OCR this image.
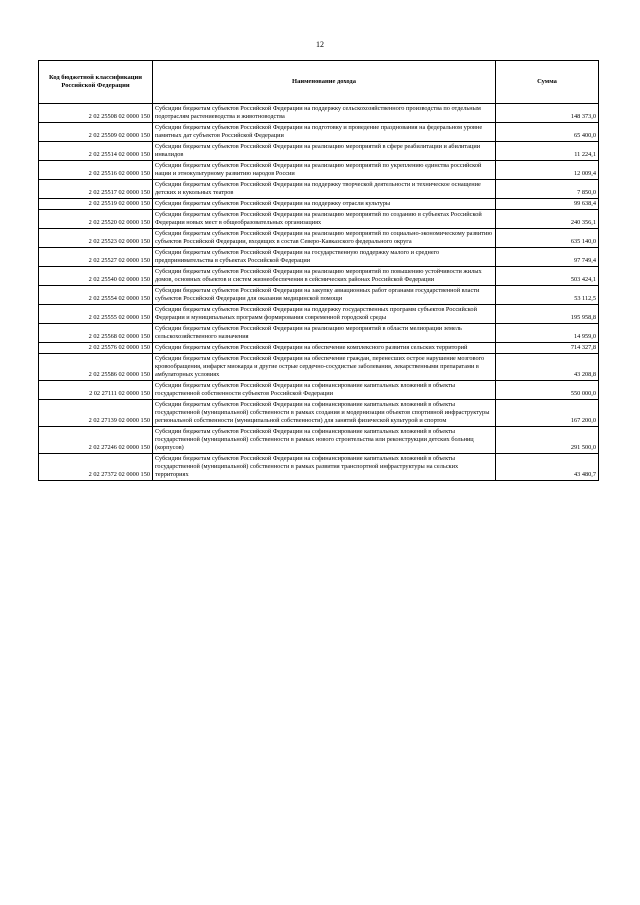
12
Код бюджетной классификации Российской Федерации	Наименование дохода	Сумма
2 02 25508 02 0000 150	Субсидии бюджетам субъектов Российской Федерации на поддержку сельскохозяйственного производства по отдельным подотраслям растениеводства и животноводства	148 373,0
2 02 25509 02 0000 150	Субсидии бюджетам субъектов Российской Федерации на подготовку и проведение празднования на федеральном уровне памятных дат субъектов Российской Федерации	65 400,0
2 02 25514 02 0000 150	Субсидии бюджетам субъектов Российской Федерации на реализацию мероприятий в сфере реабилитации и абилитации инвалидов	11 224,1
2 02 25516 02 0000 150	Субсидии бюджетам субъектов Российской Федерации на реализацию мероприятий по укреплению единства российской нации и этнокультурному развитию народов России	12 009,4
2 02 25517 02 0000 150	Субсидии бюджетам субъектов Российской Федерации на поддержку творческой деятельности и техническое оснащение детских и кукольных театров	7 850,0
2 02 25519 02 0000 150	Субсидии бюджетам субъектов Российской Федерации на поддержку отрасли культуры	99 638,4
2 02 25520 02 0000 150	Субсидии бюджетам субъектов Российской Федерации на реализацию мероприятий по созданию в субъектах Российской Федерации новых мест в общеобразовательных организациях	240 356,1
2 02 25523 02 0000 150	Субсидии бюджетам субъектов Российской Федерации на реализацию мероприятий по социально-экономическому развитию субъектов Российской Федерации, входящих в состав Северо-Кавказского федерального округа	635 140,0
2 02 25527 02 0000 150	Субсидии бюджетам субъектов Российской Федерации на государственную поддержку малого и среднего предпринимательства в субъектах Российской Федерации	97 749,4
2 02 25540 02 0000 150	Субсидии бюджетам субъектов Российской Федерации на реализацию мероприятий по повышению устойчивости жилых домов, основных объектов и систем жизнеобеспечения в сейсмических районах Российской Федерации	503 424,1
2 02 25554 02 0000 150	Субсидии бюджетам субъектов Российской Федерации на закупку авиационных работ органами государственной власти субъектов Российской Федерации для оказания медицинской помощи	53 112,5
2 02 25555 02 0000 150	Субсидии бюджетам субъектов Российской Федерации на поддержку государственных программ субъектов Российской Федерации и муниципальных программ формирования современной городской среды	195 958,8
2 02 25568 02 0000 150	Субсидии бюджетам субъектов Российской Федерации на реализацию мероприятий в области мелиорации земель сельскохозяйственного назначения	14 959,0
2 02 25576 02 0000 150	Субсидии бюджетам субъектов Российской Федерации на обеспечение комплексного развития сельских территорий	714 327,8
2 02 25586 02 0000 150	Субсидии бюджетам субъектов Российской Федерации на обеспечение граждан, перенесших острое нарушение мозгового кровообращения, инфаркт миокарда и другие острые сердечно-сосудистые заболевания, лекарственными препаратами в амбулаторных условиях	43 208,8
2 02 27111 02 0000 150	Субсидии бюджетам субъектов Российской Федерации на софинансирование капитальных вложений в объекты государственной собственности субъектов Российской Федерации	550 000,0
2 02 27139 02 0000 150	Субсидии бюджетам субъектов Российской Федерации на софинансирование капитальных вложений в объекты государственной (муниципальной) собственности в рамках создания и модернизации объектов спортивной инфраструктуры региональной собственности (муниципальной собственности) для занятий физической культурой и спортом	167 200,0
2 02 27246 02 0000 150	Субсидии бюджетам субъектов Российской Федерации на софинансирование капитальных вложений в объекты государственной (муниципальной) собственности в рамках нового строительства или реконструкции детских больниц (корпусов)	291 500,0
2 02 27372 02 0000 150	Субсидии бюджетам субъектов Российской Федерации на софинансирование капитальных вложений в объекты государственной (муниципальной) собственности в рамках развития транспортной инфраструктуры на сельских территориях	43 480,7
